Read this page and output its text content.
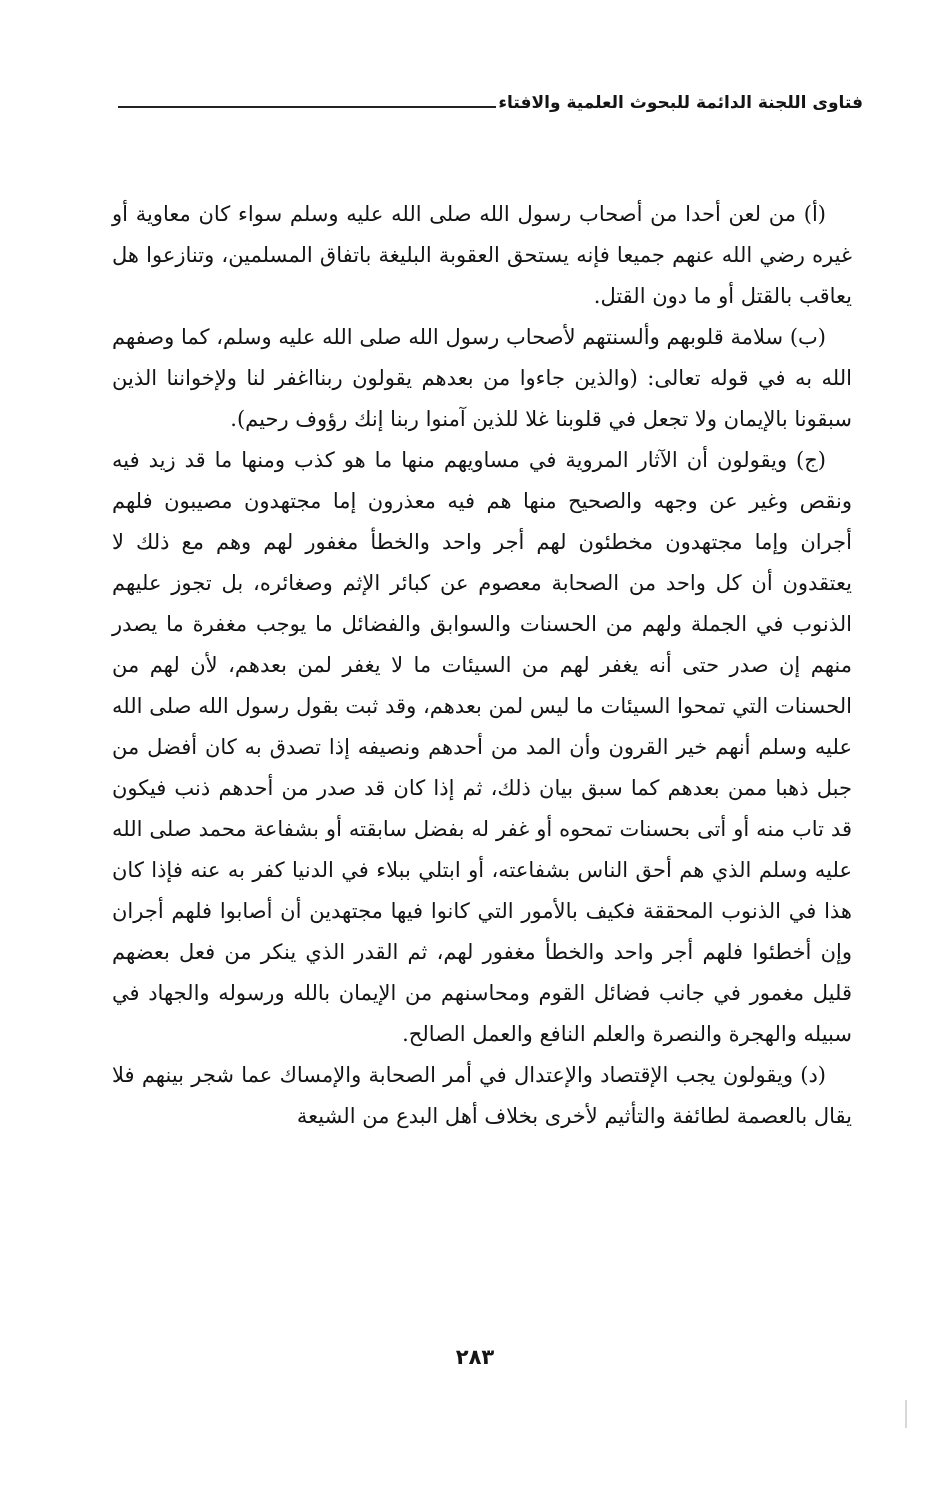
فتاوى اللجنة الدائمة للبحوث العلمية والافتاء

(أ) من لعن أحدا من أصحاب رسول الله صلى الله عليه وسلم سواء كان معاوية أو غيره رضي الله عنهم جميعا فإنه يستحق العقوبة البليغة باتفاق المسلمين، وتنازعوا هل يعاقب بالقتل أو ما دون القتل.

(ب) سلامة قلوبهم وألسنتهم لأصحاب رسول الله صلى الله عليه وسلم، كما وصفهم الله به في قوله تعالى: (والذين جاءوا من بعدهم يقولون ربنااغفر لنا ولإخواننا الذين سبقونا بالإيمان ولا تجعل في قلوبنا غلا للذين آمنوا ربنا إنك رؤوف رحيم).

(ج) ويقولون أن الآثار المروية في مساويهم منها ما هو كذب ومنها ما قد زيد فيه ونقص وغير عن وجهه والصحيح منها هم فيه معذرون إما مجتهدون مصيبون فلهم أجران وإما مجتهدون مخطئون لهم أجر واحد والخطأ مغفور لهم وهم مع ذلك لا يعتقدون أن كل واحد من الصحابة معصوم عن كبائر الإثم وصغائره، بل تجوز عليهم الذنوب في الجملة ولهم من الحسنات والسوابق والفضائل ما يوجب مغفرة ما يصدر منهم إن صدر حتى أنه يغفر لهم من السيئات ما لا يغفر لمن بعدهم، لأن لهم من الحسنات التي تمحوا السيئات ما ليس لمن بعدهم، وقد ثبت بقول رسول الله صلى الله عليه وسلم أنهم خير القرون وأن المد من أحدهم ونصيفه إذا تصدق به كان أفضل من جبل ذهبا ممن بعدهم كما سبق بيان ذلك، ثم إذا كان قد صدر من أحدهم ذنب فيكون قد تاب منه أو أتى بحسنات تمحوه أو غفر له بفضل سابقته أو بشفاعة محمد صلى الله عليه وسلم الذي هم أحق الناس بشفاعته، أو ابتلي ببلاء في الدنيا كفر به عنه فإذا كان هذا في الذنوب المحققة فكيف بالأمور التي كانوا فيها مجتهدين أن أصابوا فلهم أجران وإن أخطئوا فلهم أجر واحد والخطأ مغفور لهم، ثم القدر الذي ينكر من فعل بعضهم قليل مغمور في جانب فضائل القوم ومحاسنهم من الإيمان بالله ورسوله والجهاد في سبيله والهجرة والنصرة والعلم النافع والعمل الصالح.

(د) ويقولون يجب الإقتصاد والإعتدال في أمر الصحابة والإمساك عما شجر بينهم فلا يقال بالعصمة لطائفة والتأثيم لأخرى بخلاف أهل البدع من الشيعة

٢٨٣
